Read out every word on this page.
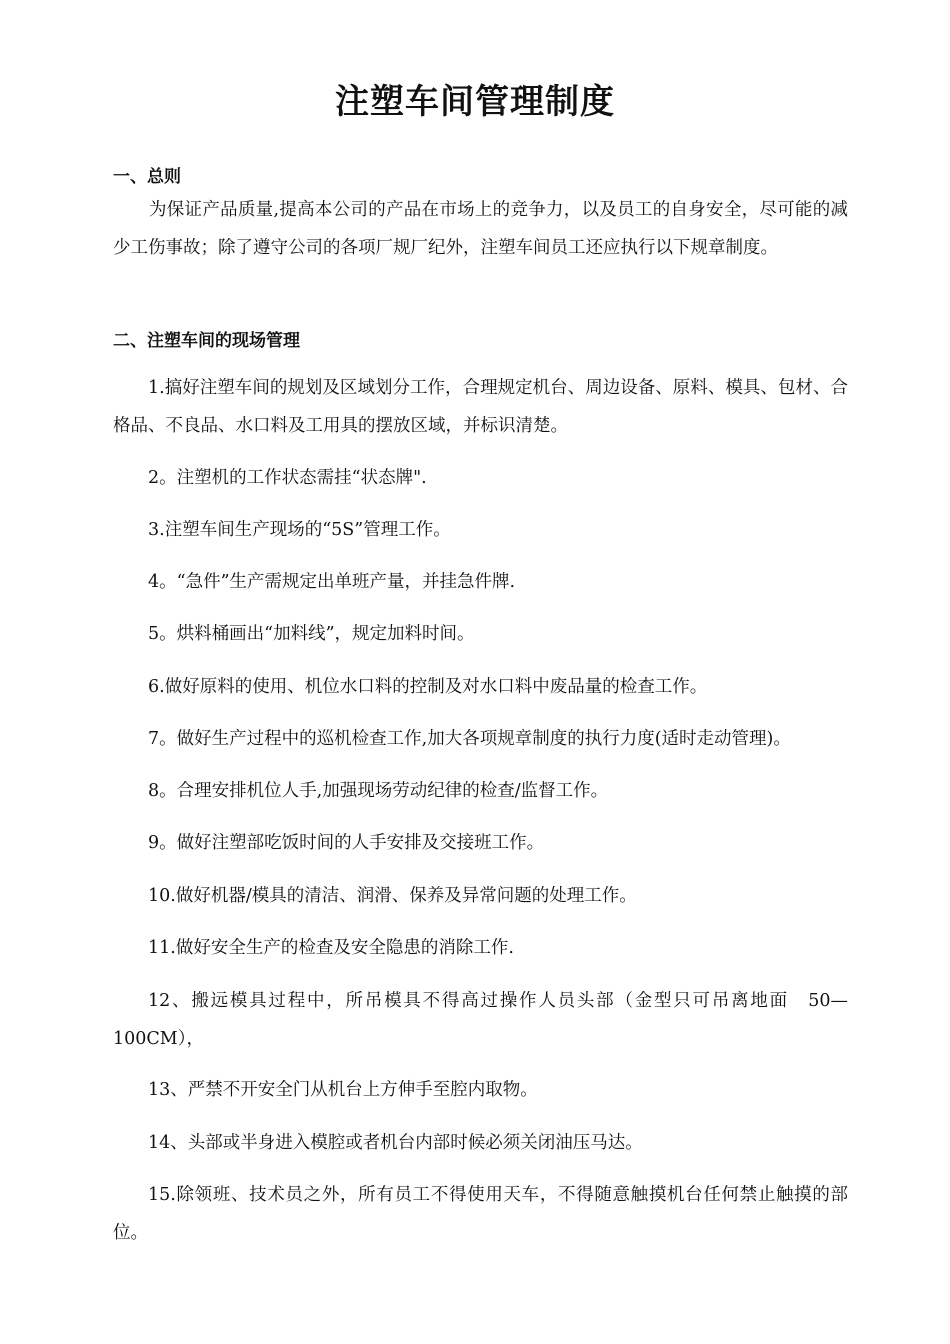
注塑车间管理制度
一、总则

为保证产品质量,提高本公司的产品在市场上的竞争力，以及员工的自身安全，尽可能的减少工伤事故；除了遵守公司的各项厂规厂纪外，注塑车间员工还应执行以下规章制度。

二、注塑车间的现场管理

1.搞好注塑车间的规划及区域划分工作，合理规定机台、周边设备、原料、模具、包材、合格品、不良品、水口料及工用具的摆放区域，并标识清楚。

2。注塑机的工作状态需挂“状态牌".

3.注塑车间生产现场的“5S”管理工作。

4。“急件”生产需规定出单班产量，并挂急件牌.

5。烘料桶画出“加料线”，规定加料时间。

6.做好原料的使用、机位水口料的控制及对水口料中废品量的检查工作。

7。做好生产过程中的巡机检查工作,加大各项规章制度的执行力度(适时走动管理)。

8。合理安排机位人手,加强现场劳动纪律的检查/监督工作。

9。做好注塑部吃饭时间的人手安排及交接班工作。

10.做好机器/模具的清洁、润滑、保养及异常问题的处理工作。

11.做好安全生产的检查及安全隐患的消除工作.

12、搬远模具过程中，所吊模具不得高过操作人员头部（金型只可吊离地面　50—100CM），

13、严禁不开安全门从机台上方伸手至腔内取物。

14、头部或半身进入模腔或者机台内部时候必须关闭油压马达。

15.除领班、技术员之外，所有员工不得使用天车，不得随意触摸机台任何禁止触摸的部位。
